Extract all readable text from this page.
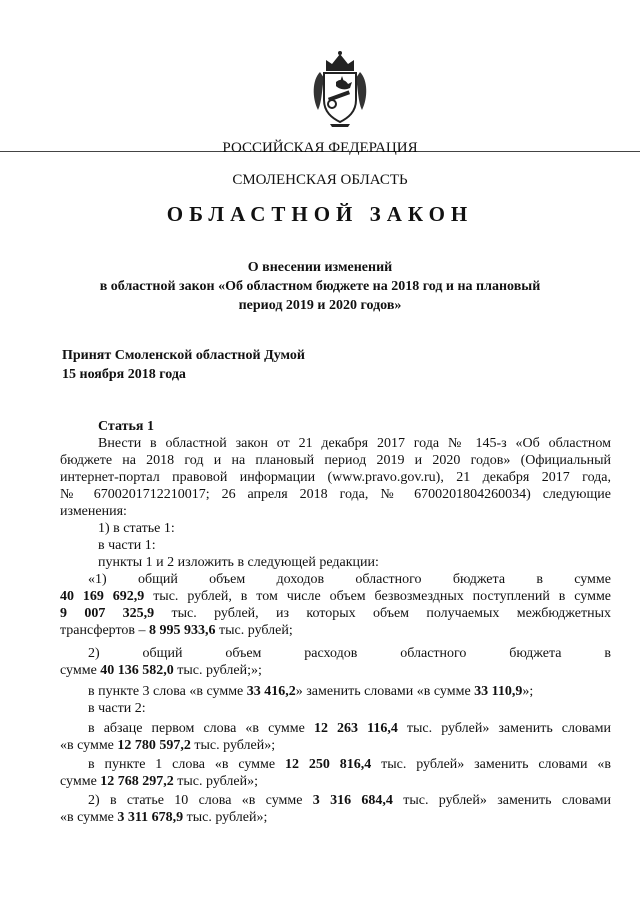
РОССИЙСКАЯ ФЕДЕРАЦИЯ
СМОЛЕНСКАЯ ОБЛАСТЬ
ОБЛАСТНОЙ ЗАКОН
О внесении изменений
в областной закон «Об областном бюджете на 2018 год и на плановый
период 2019 и 2020 годов»
Принят Смоленской областной Думой
15 ноября 2018 года
Статья 1
Внести в областной закон от 21 декабря 2017 года № 145-з «Об областном
бюджете на 2018 год и на плановый период 2019 и 2020 годов» (Официальный
интернет-портал правовой информации (www.pravo.gov.ru), 21 декабря 2017 года,
№ 6700201712210017; 26 апреля 2018 года, № 6700201804260034) следующие
изменения:
1) в статье 1:
в части 1:
пункты 1 и 2 изложить в следующей редакции:
«1) общий объем доходов областного бюджета в сумме
40 169 692,9 тыс. рублей, в том числе объем безвозмездных поступлений в сумме
9 007 325,9 тыс. рублей, из которых объем получаемых межбюджетных
трансфертов – 8 995 933,6 тыс. рублей;
2) общий объем расходов областного бюджета в
сумме 40 136 582,0 тыс. рублей;»;
в пункте 3 слова «в сумме 33 416,2» заменить словами «в сумме 33 110,9»;
в части 2:
в абзаце первом слова «в сумме 12 263 116,4 тыс. рублей» заменить словами
«в сумме 12 780 597,2 тыс. рублей»;
в пункте 1 слова «в сумме 12 250 816,4 тыс. рублей» заменить словами «в
сумме 12 768 297,2 тыс. рублей»;
2) в статье 10 слова «в сумме 3 316 684,4 тыс. рублей» заменить словами
«в сумме 3 311 678,9 тыс. рублей»;
